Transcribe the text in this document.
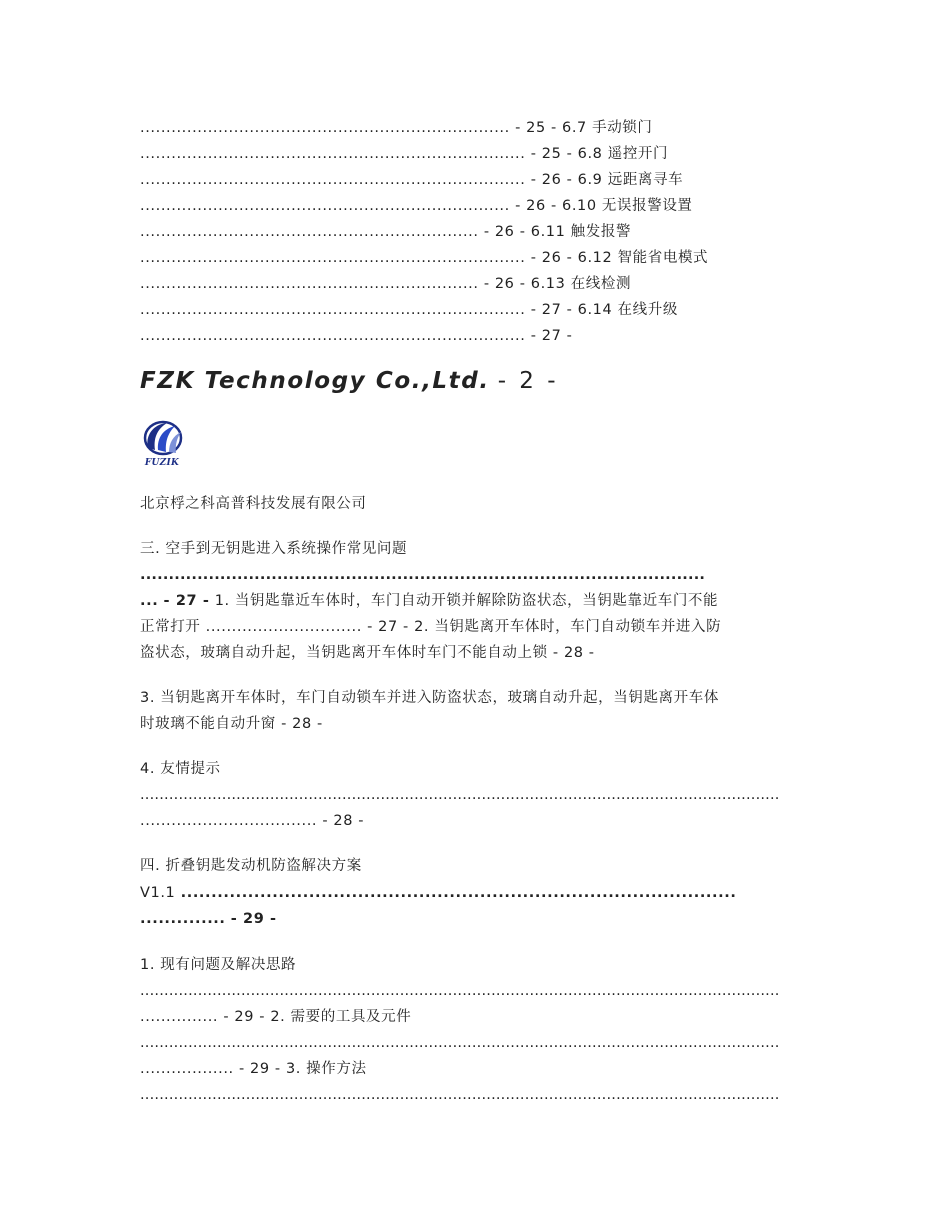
....................................................................... - 25 - 6.7 手动锁门
.......................................................................... - 25 - 6.8 遥控开门
.......................................................................... - 26 - 6.9 远距离寻车
....................................................................... - 26 - 6.10 无误报警设置
................................................................. - 26 - 6.11 触发报警
.......................................................................... - 26 - 6.12 智能省电模式
................................................................. - 26 - 6.13 在线检测
.......................................................................... - 27 - 6.14 在线升级
.......................................................................... - 27 -
FZK Technology Co.,Ltd. - 2 -
FUZIK
北京桴之科高普科技发展有限公司
三. 空手到无钥匙进入系统操作常见问题
...................................................................................................
... - 27 - 1. 当钥匙靠近车体时，车门自动开锁并解除防盗状态，当钥匙靠近车门不能
正常打开 .............................. - 27 - 2. 当钥匙离开车体时，车门自动锁车并进入防
盗状态，玻璃自动升起，当钥匙离开车体时车门不能自动上锁 - 28 -
3. 当钥匙离开车体时，车门自动锁车并进入防盗状态，玻璃自动升起，当钥匙离开车体
时玻璃不能自动升窗 - 28 -
4. 友情提示
.....................................................................................................................................
.................................. - 28 -
四. 折叠钥匙发动机防盗解决方案
V1.1 ...........................................................................................
.............. - 29 -
1. 现有问题及解决思路
.....................................................................................................................................
............... - 29 - 2. 需要的工具及元件
.....................................................................................................................................
.................. - 29 - 3. 操作方法
.....................................................................................................................................
